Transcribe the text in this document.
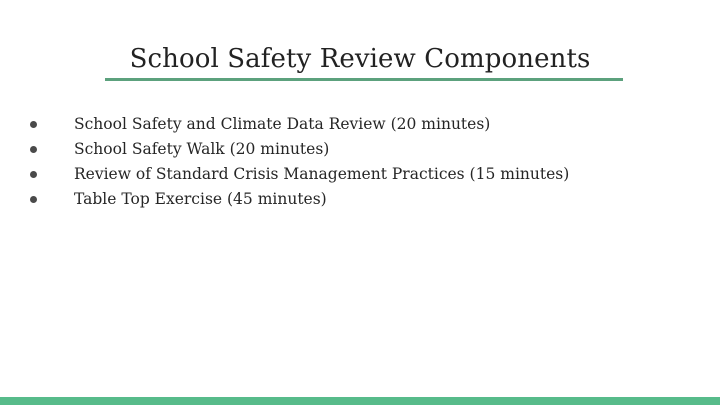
School Safety Review Components
School Safety and Climate Data Review (20 minutes)
School Safety Walk (20 minutes)
Review of Standard Crisis Management Practices (15 minutes)
Table Top Exercise (45 minutes)
